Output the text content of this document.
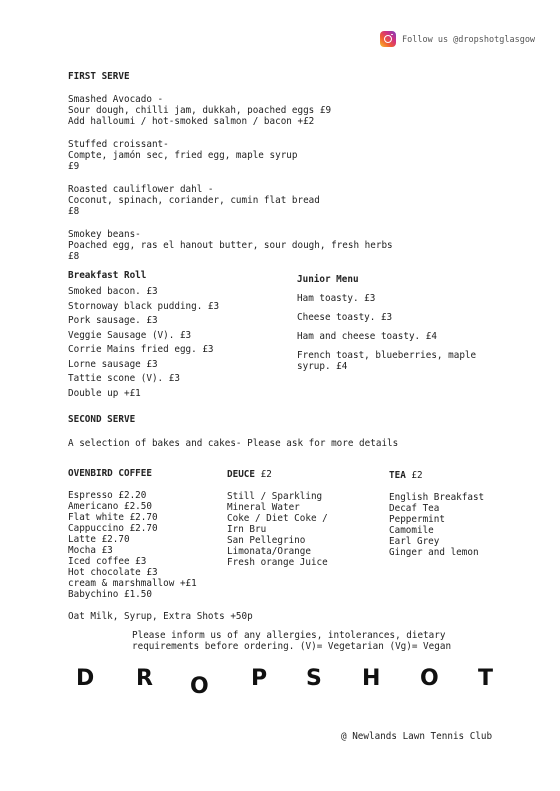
Follow us @dropshotglasgow
FIRST SERVE
Smashed Avocado -
Sour dough, chilli jam, dukkah, poached eggs £9
Add halloumi / hot-smoked salmon / bacon +£2
Stuffed croissant-
Compte, jamón sec, fried egg, maple syrup
£9
Roasted cauliflower dahl -
Coconut, spinach, coriander, cumin flat bread
£8
Smokey beans-
Poached egg, ras el hanout butter, sour dough, fresh herbs
£8
Breakfast Roll
Smoked bacon. £3
Stornoway black pudding. £3
Pork sausage. £3
Veggie Sausage (V). £3
Corrie Mains fried egg. £3
Lorne sausage £3
Tattie scone (V). £3
Double up +£1
Junior Menu
Ham toasty. £3
Cheese toasty. £3
Ham and cheese toasty. £4
French toast, blueberries, maple
syrup. £4
SECOND SERVE
A selection of bakes and cakes- Please ask for more details
OVENBIRD COFFEE
Espresso £2.20
Americano £2.50
Flat white £2.70
Cappuccino £2.70
Latte £2.70
Mocha £3
Iced coffee £3
Hot chocolate £3
cream & marshmallow +£1
Babychino £1.50
Oat Milk, Syrup, Extra Shots +50p
DEUCE £2
Still / Sparkling
Mineral Water
Coke / Diet Coke /
Irn Bru
San Pellegrino
Limonata/Orange
Fresh orange Juice
TEA £2
English Breakfast
Decaf Tea
Peppermint
Camomile
Earl Grey
Ginger and lemon
Please inform us of any allergies, intolerances, dietary
requirements before ordering. (V)= Vegetarian (Vg)= Vegan
D R O P S H O T
@ Newlands Lawn Tennis Club
